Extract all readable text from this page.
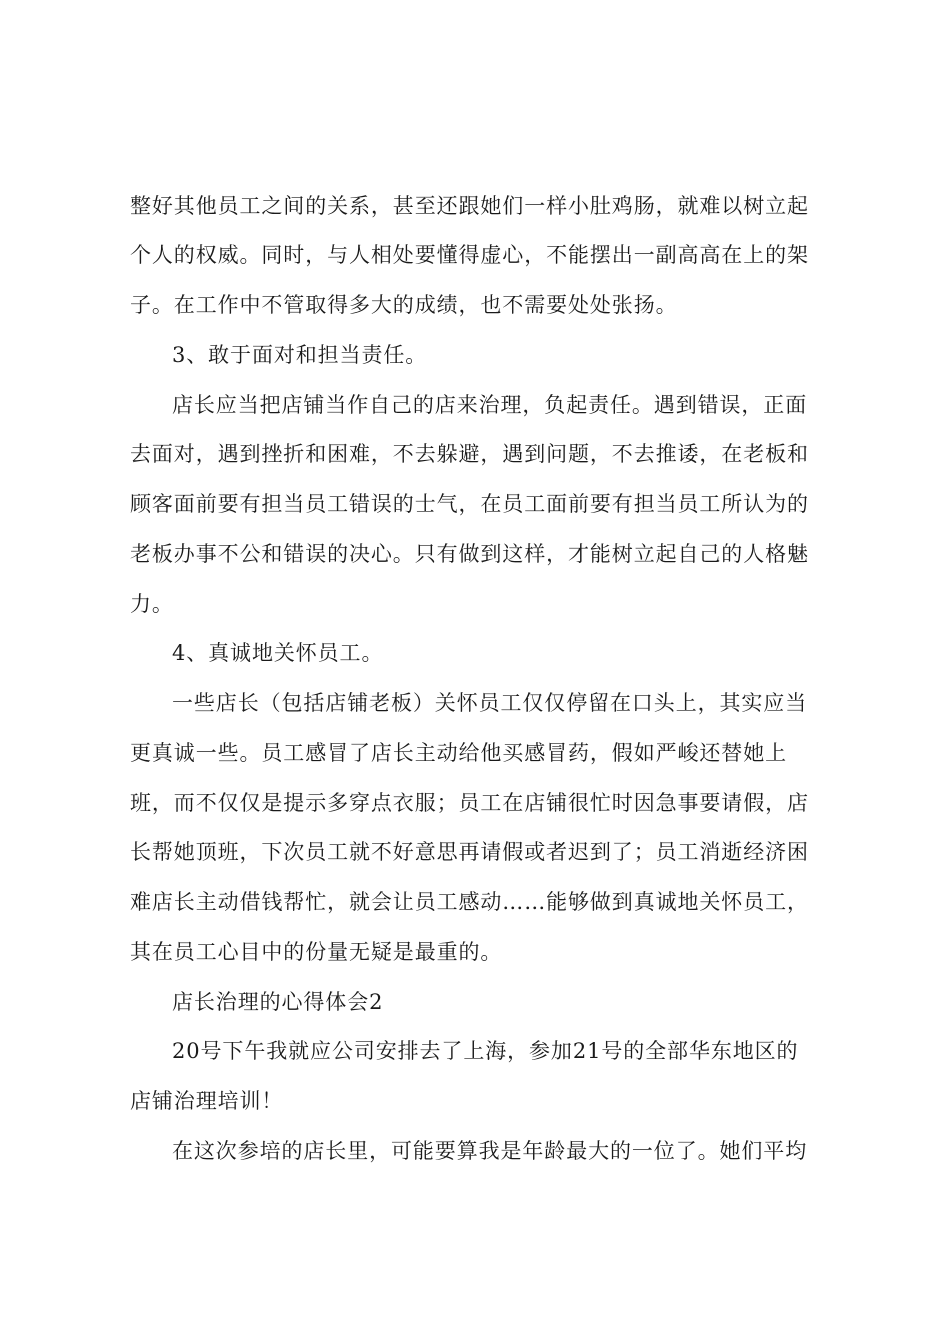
整好其他员工之间的关系，甚至还跟她们一样小肚鸡肠，就难以树立起
个人的权威。同时，与人相处要懂得虚心，不能摆出一副高高在上的架
子。在工作中不管取得多大的成绩，也不需要处处张扬。
3、敢于面对和担当责任。
店长应当把店铺当作自己的店来治理，负起责任。遇到错误，正面
去面对，遇到挫折和困难，不去躲避，遇到问题，不去推诿，在老板和
顾客面前要有担当员工错误的士气，在员工面前要有担当员工所认为的
老板办事不公和错误的决心。只有做到这样，才能树立起自己的人格魅
力。
4、真诚地关怀员工。
一些店长（包括店铺老板）关怀员工仅仅停留在口头上，其实应当
更真诚一些。员工感冒了店长主动给他买感冒药，假如严峻还替她上
班，而不仅仅是提示多穿点衣服；员工在店铺很忙时因急事要请假，店
长帮她顶班，下次员工就不好意思再请假或者迟到了；员工消逝经济困
难店长主动借钱帮忙，就会让员工感动……能够做到真诚地关怀员工，
其在员工心目中的份量无疑是最重的。
店长治理的心得体会2
20号下午我就应公司安排去了上海，参加21号的全部华东地区的
店铺治理培训！
在这次参培的店长里，可能要算我是年龄最大的一位了。她们平均
